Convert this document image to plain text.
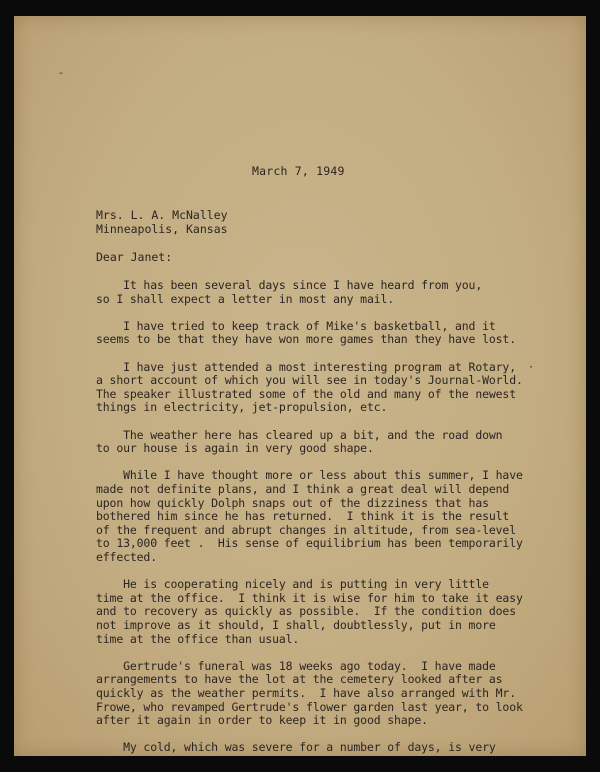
March 7, 1949
Mrs. L. A. McNalley
Minneapolis, Kansas
Dear Janet:
It has been several days since I have heard from you,
so I shall expect a letter in most any mail.
I have tried to keep track of Mike's basketball, and it
seems to be that they have won more games than they have lost.
I have just attended a most interesting program at Rotary,
a short account of which you will see in today's Journal-World.
The speaker illustrated some of the old and many of the newest
things in electricity, jet-propulsion, etc.
The weather here has cleared up a bit, and the road down
to our house is again in very good shape.
While I have thought more or less about this summer, I have
made not definite plans, and I think a great deal will depend
upon how quickly Dolph snaps out of the dizziness that has
bothered him since he has returned.  I think it is the result
of the frequent and abrupt changes in altitude, from sea-level
to 13,000 feet .  His sense of equilibrium has been temporarily
effected.
He is cooperating nicely and is putting in very little
time at the office.  I think it is wise for him to take it easy
and to recovery as quickly as possible.  If the condition does
not improve as it should, I shall, doubtlessly, put in more
time at the office than usual.
Gertrude's funeral was 18 weeks ago today.  I have made
arrangements to have the lot at the cemetery looked after as
quickly as the weather permits.  I have also arranged with Mr.
Frowe, who revamped Gertrude's flower garden last year, to look
after it again in order to keep it in good shape.
My cold, which was severe for a number of days, is very
-
·
